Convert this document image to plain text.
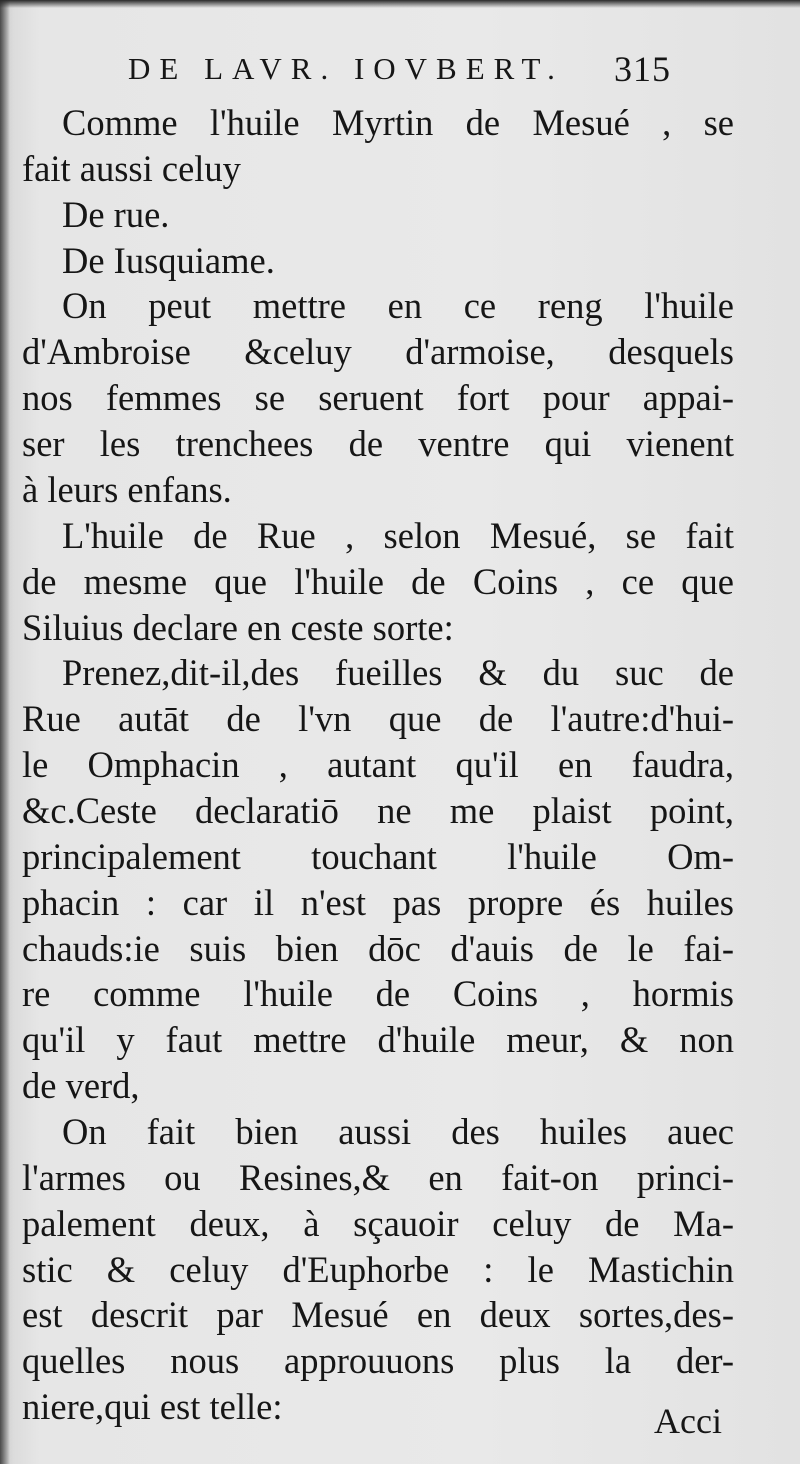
DE LAVR. IOVBERT. 315
Comme l'huile Myrtin de Mesué , se
fait aussi celuy
De rue.
De Iusquiame.
On peut mettre en ce reng l'huile
d'Ambroise &celuy d'armoise, desquels
nos femmes se seruent fort pour appai-
ser les trenchees de ventre qui vienent
à leurs enfans.
L'huile de Rue , selon Mesué, se fait
de mesme que l'huile de Coins , ce que
Siluius declare en ceste sorte:
Prenez,dit-il,des fueilles & du suc de
Rue autāt de l'vn que de l'autre:d'hui-
le Omphacin , autant qu'il en faudra,
&c.Ceste declaratiō ne me plaist point,
principalement touchant l'huile Om-
phacin : car il n'est pas propre és huiles
chauds:ie suis bien dōc d'auis de le fai-
re comme l'huile de Coins , hormis
qu'il y faut mettre d'huile meur, & non
de verd,
On fait bien aussi des huiles auec
l'armes ou Resines,& en fait-on princi-
palement deux, à sçauoir celuy de Ma-
stic & celuy d'Euphorbe : le Mastichin
est descrit par Mesué en deux sortes,des-
quelles nous approuuons plus la der-
niere,qui est telle:	Acci
